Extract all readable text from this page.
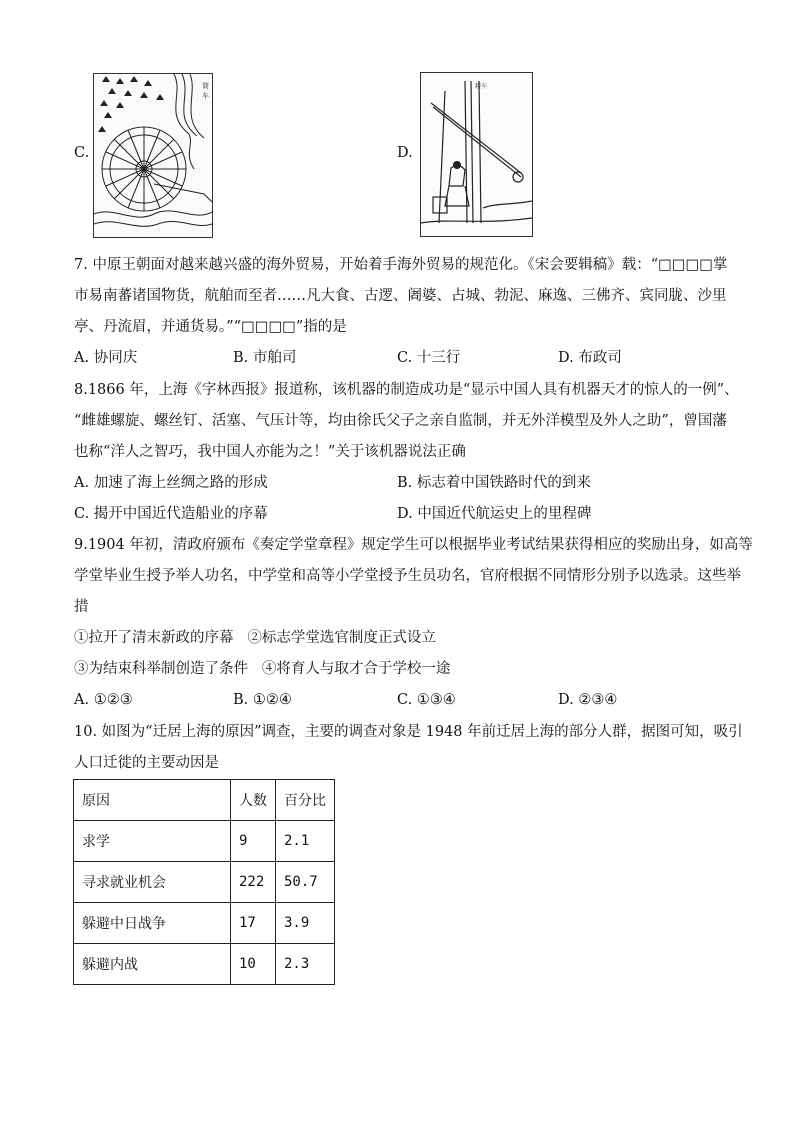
C.
筒
车
D.
耧车
7. 中原王朝面对越来越兴盛的海外贸易，开始着手海外贸易的规范化。《宋会要辑稿》载：“□□□□掌
市易南蕃诸国物货，航舶而至者……凡大食、古逻、阇婆、占城、勃泥、麻逸、三佛齐、宾同胧、沙里
亭、丹流眉，并通货易。”“□□□□”指的是
A. 协同庆	B. 市舶司	C. 十三行	D. 布政司
8.1866 年，上海《字林西报》报道称，该机器的制造成功是“显示中国人具有机器天才的惊人的一例”、
“雌雄螺旋、螺丝钉、活塞、气压计等，均由徐氏父子之亲自监制，并无外洋模型及外人之助”，曾国藩
也称“洋人之智巧，我中国人亦能为之！”关于该机器说法正确
A. 加速了海上丝绸之路的形成	B. 标志着中国铁路时代的到来
C. 揭开中国近代造船业的序幕	D. 中国近代航运史上的里程碑
9.1904 年初，清政府颁布《奏定学堂章程》规定学生可以根据毕业考试结果获得相应的奖励出身，如高等
学堂毕业生授予举人功名，中学堂和高等小学堂授予生员功名，官府根据不同情形分别予以选录。这些举
措
①拉开了清末新政的序幕   ②标志学堂选官制度正式设立
③为结束科举制创造了条件   ④将育人与取才合于学校一途
A. ①②③	B. ①②④	C. ①③④	D. ②③④
10. 如图为“迁居上海的原因”调查，主要的调查对象是 1948 年前迁居上海的部分人群，据图可知，吸引
人口迁徙的主要动因是
原因	人数	百分比
求学	9	2.1
寻求就业机会	222	50.7
躲避中日战争	17	3.9
躲避内战	10	2.3
